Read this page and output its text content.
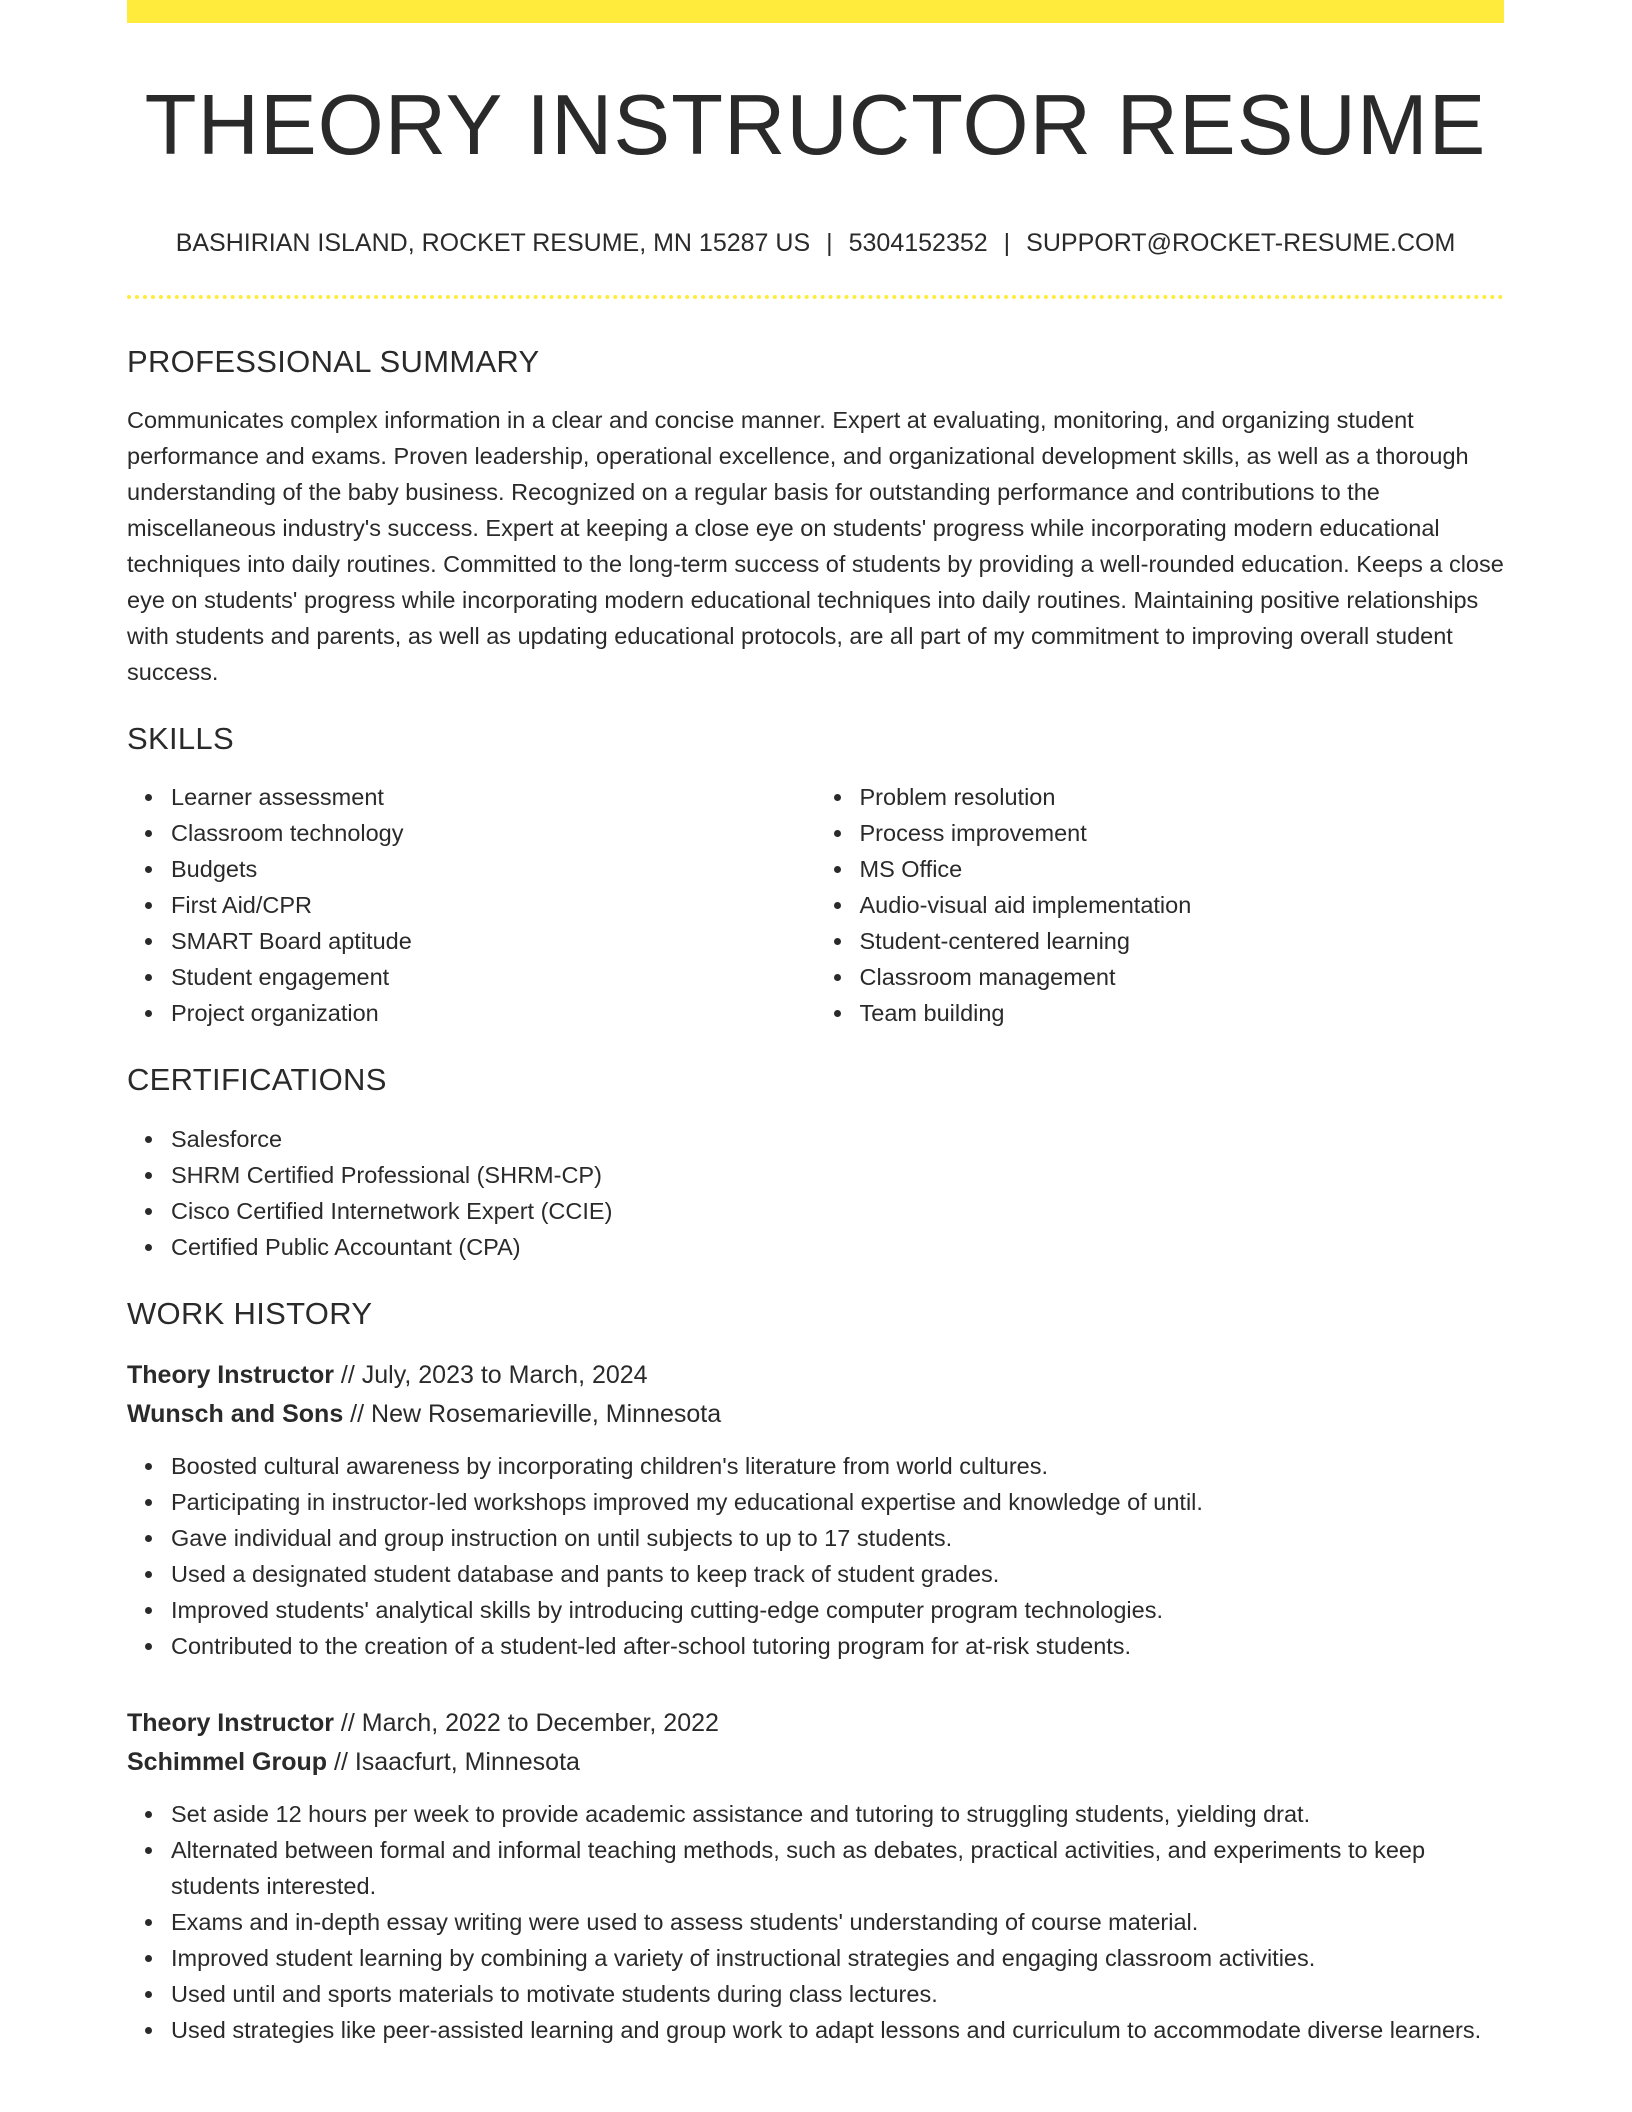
THEORY INSTRUCTOR RESUME
BASHIRIAN ISLAND, ROCKET RESUME, MN 15287 US | 5304152352 | SUPPORT@ROCKET-RESUME.COM
PROFESSIONAL SUMMARY

Communicates complex information in a clear and concise manner. Expert at evaluating, monitoring, and organizing student performance and exams. Proven leadership, operational excellence, and organizational development skills, as well as a thorough understanding of the baby business. Recognized on a regular basis for outstanding performance and contributions to the miscellaneous industry's success. Expert at keeping a close eye on students' progress while incorporating modern educational techniques into daily routines. Committed to the long-term success of students by providing a well-rounded education. Keeps a close eye on students' progress while incorporating modern educational techniques into daily routines. Maintaining positive relationships with students and parents, as well as updating educational protocols, are all part of my commitment to improving overall student success.

SKILLS
Learner assessment
Classroom technology
Budgets
First Aid/CPR
SMART Board aptitude
Student engagement
Project organization
Problem resolution
Process improvement
MS Office
Audio-visual aid implementation
Student-centered learning
Classroom management
Team building
CERTIFICATIONS
Salesforce
SHRM Certified Professional (SHRM-CP)
Cisco Certified Internetwork Expert (CCIE)
Certified Public Accountant (CPA)
WORK HISTORY
Theory Instructor // July, 2023 to March, 2024
Wunsch and Sons // New Rosemarieville, Minnesota
Boosted cultural awareness by incorporating children's literature from world cultures.
Participating in instructor-led workshops improved my educational expertise and knowledge of until.
Gave individual and group instruction on until subjects to up to 17 students.
Used a designated student database and pants to keep track of student grades.
Improved students' analytical skills by introducing cutting-edge computer program technologies.
Contributed to the creation of a student-led after-school tutoring program for at-risk students.
Theory Instructor // March, 2022 to December, 2022
Schimmel Group // Isaacfurt, Minnesota
Set aside 12 hours per week to provide academic assistance and tutoring to struggling students, yielding drat.
Alternated between formal and informal teaching methods, such as debates, practical activities, and experiments to keep students interested.
Exams and in-depth essay writing were used to assess students' understanding of course material.
Improved student learning by combining a variety of instructional strategies and engaging classroom activities.
Used until and sports materials to motivate students during class lectures.
Used strategies like peer-assisted learning and group work to adapt lessons and curriculum to accommodate diverse learners.
